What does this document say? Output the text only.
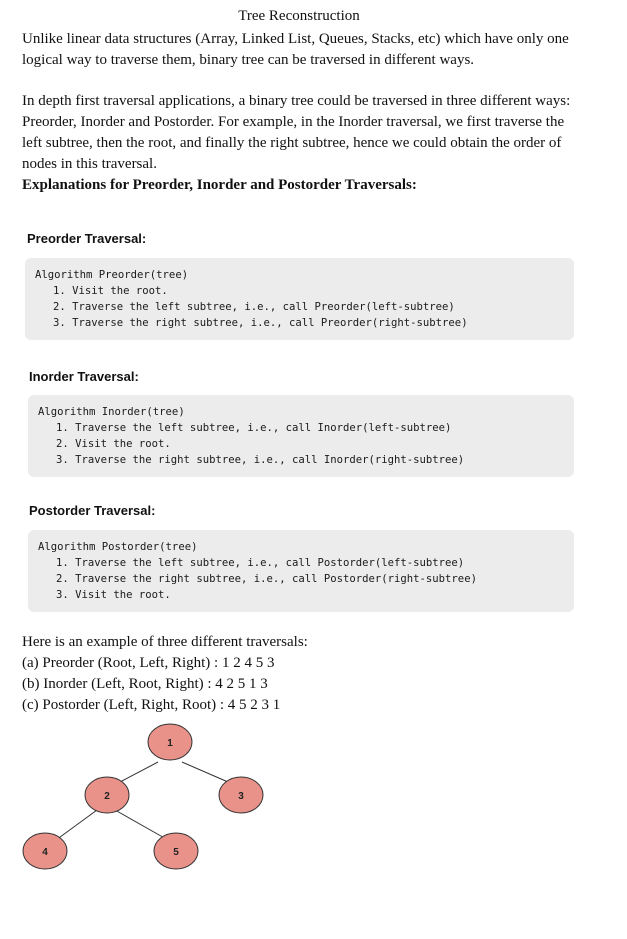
Tree Reconstruction

Unlike linear data structures (Array, Linked List, Queues, Stacks, etc) which have only one logical way to traverse them, binary tree can be traversed in different ways.

In depth first traversal applications, a binary tree could be traversed in three different ways: Preorder, Inorder and Postorder. For example, in the Inorder traversal, we first traverse the left subtree, then the root, and finally the right subtree, hence we could obtain the order of nodes in this traversal.

Explanations for Preorder, Inorder and Postorder Traversals:

Preorder Traversal:
Algorithm Preorder(tree)
1. Visit the root.
2. Traverse the left subtree, i.e., call Preorder(left-subtree)
3. Traverse the right subtree, i.e., call Preorder(right-subtree)
Inorder Traversal:
Algorithm Inorder(tree)
1. Traverse the left subtree, i.e., call Inorder(left-subtree)
2. Visit the root.
3. Traverse the right subtree, i.e., call Inorder(right-subtree)
Postorder Traversal:
Algorithm Postorder(tree)
1. Traverse the left subtree, i.e., call Postorder(left-subtree)
2. Traverse the right subtree, i.e., call Postorder(right-subtree)
3. Visit the root.
Here is an example of three different traversals:
(a) Preorder (Root, Left, Right) : 1 2 4 5 3
(b) Inorder (Left, Root, Right) : 4 2 5 1 3
(c) Postorder (Left, Right, Root) : 4 5 2 3 1
1
2	3
4	5
